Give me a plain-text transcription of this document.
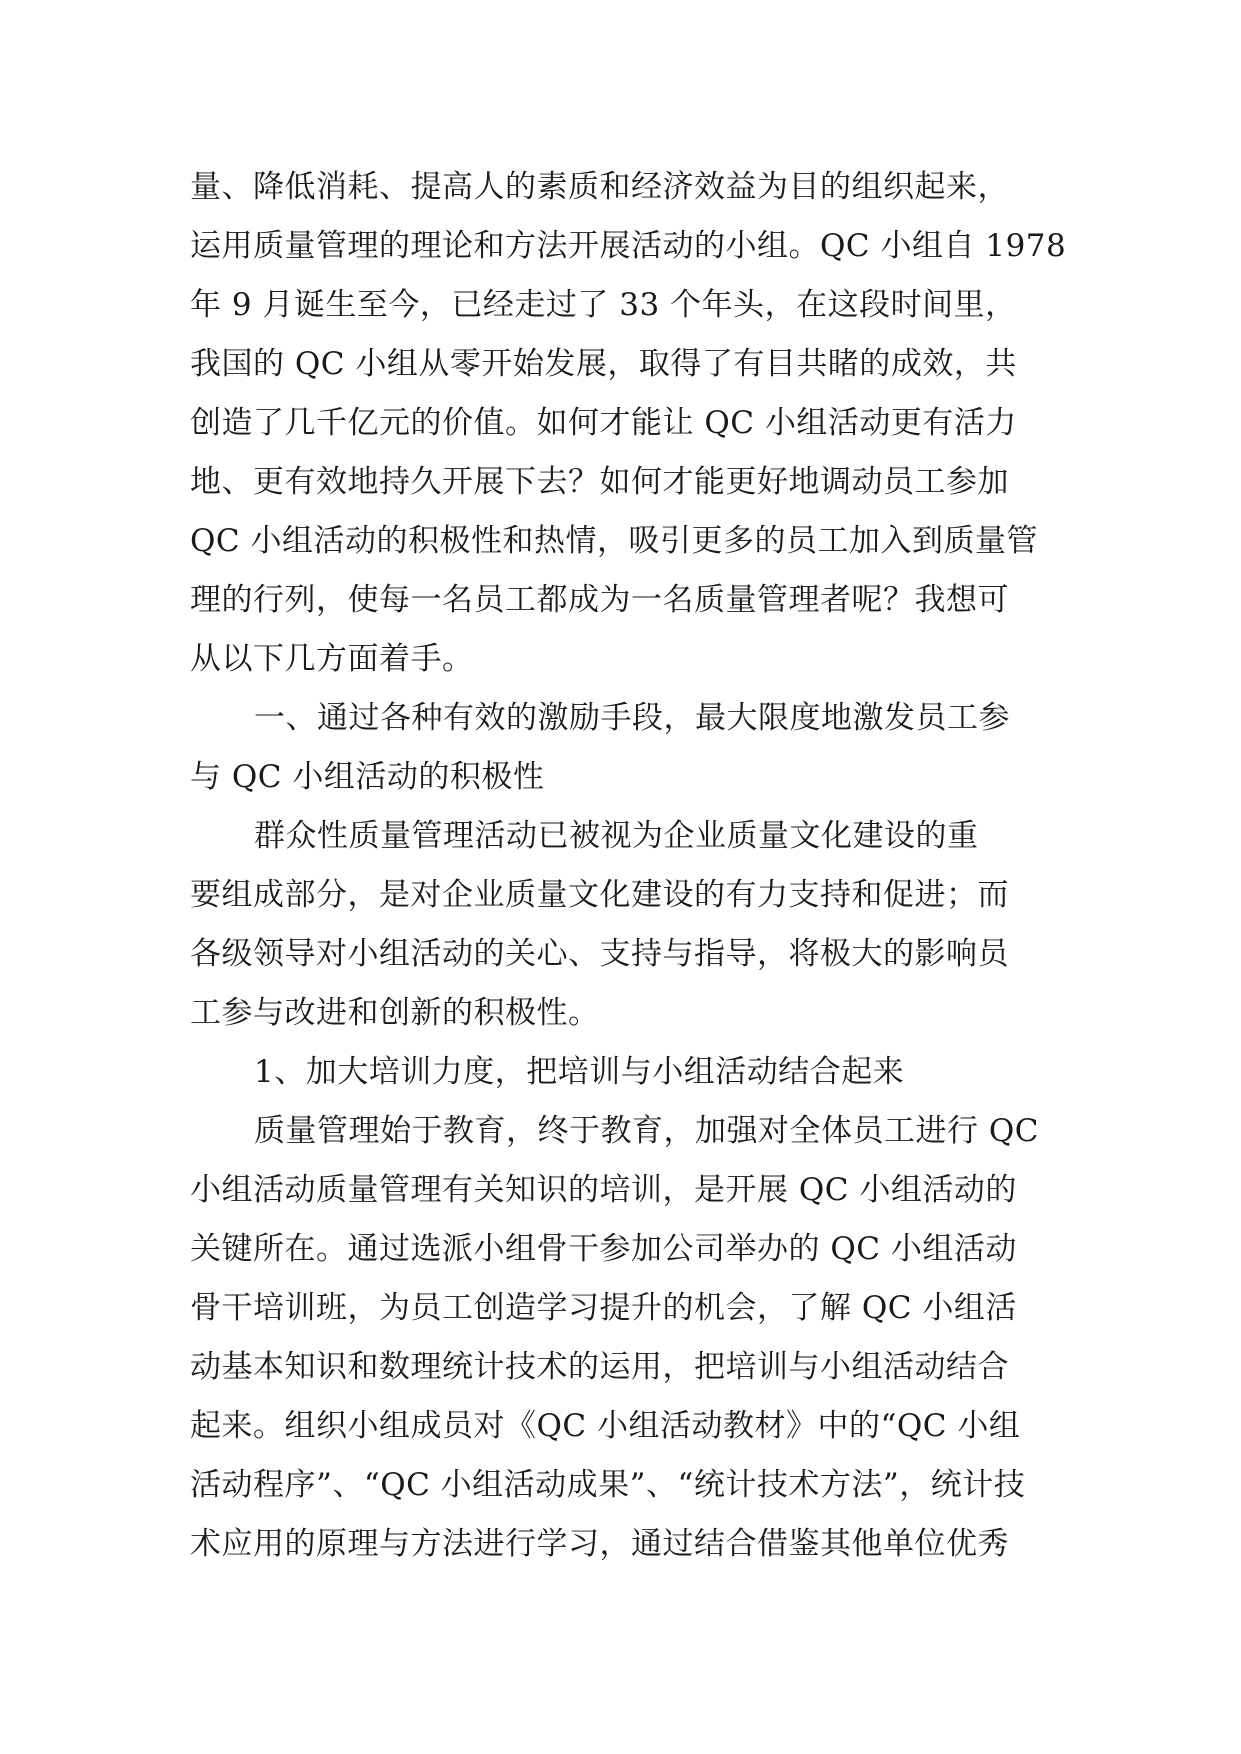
量、降低消耗、提高人的素质和经济效益为目的组织起来，
运用质量管理的理论和方法开展活动的小组。QC 小组自 1978
年 9 月诞生至今，已经走过了 33 个年头，在这段时间里，
我国的 QC 小组从零开始发展，取得了有目共睹的成效，共
创造了几千亿元的价值。如何才能让 QC 小组活动更有活力
地、更有效地持久开展下去？如何才能更好地调动员工参加
QC 小组活动的积极性和热情，吸引更多的员工加入到质量管
理的行列，使每一名员工都成为一名质量管理者呢？我想可
从以下几方面着手。
一、通过各种有效的激励手段，最大限度地激发员工参
与 QC 小组活动的积极性
群众性质量管理活动已被视为企业质量文化建设的重
要组成部分，是对企业质量文化建设的有力支持和促进；而
各级领导对小组活动的关心、支持与指导，将极大的影响员
工参与改进和创新的积极性。
1、加大培训力度，把培训与小组活动结合起来
质量管理始于教育，终于教育，加强对全体员工进行 QC
小组活动质量管理有关知识的培训，是开展 QC 小组活动的
关键所在。通过选派小组骨干参加公司举办的 QC 小组活动
骨干培训班，为员工创造学习提升的机会，了解 QC 小组活
动基本知识和数理统计技术的运用，把培训与小组活动结合
起来。组织小组成员对《QC 小组活动教材》中的“QC 小组
活动程序”、“QC 小组活动成果”、“统计技术方法”，统计技
术应用的原理与方法进行学习，通过结合借鉴其他单位优秀
